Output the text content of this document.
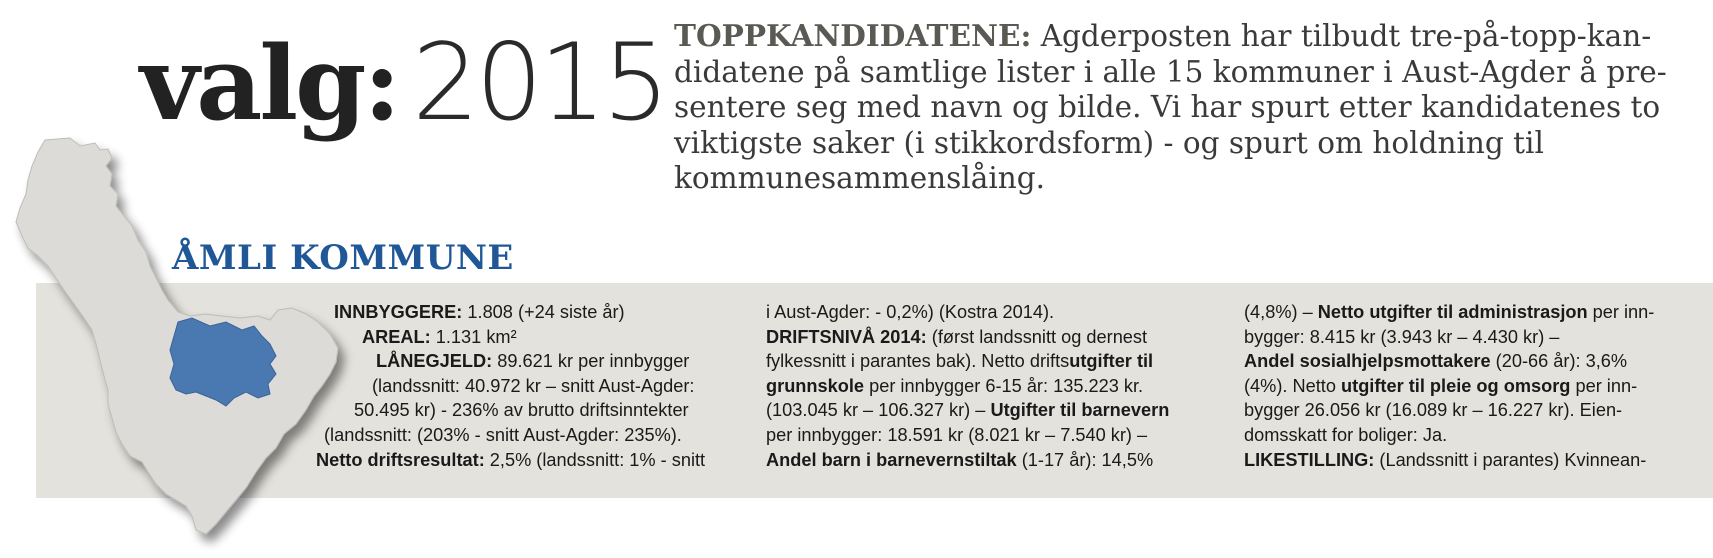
valg: 2015 TOPPKANDIDATENE: Agderposten har tilbudt tre-på-topp-kan-didatene på samtlige lister i alle 15 kommuner i Aust-Agder å pre-sentere seg med navn og bilde. Vi har spurt etter kandidatenes to viktigste saker (i stikkordsform) - og spurt om holdning til kommunesammenslåing.
ÅMLI KOMMUNE
INNBYGGERE: 1.808 (+24 siste år)
AREAL: 1.131 km²
LÅNEGJELD: 89.621 kr per innbygger
(landssnitt: 40.972 kr – snitt Aust-Agder:
50.495 kr) - 236% av brutto driftsinntekter
(landssnitt: (203% - snitt Aust-Agder: 235%).
Netto driftsresultat: 2,5% (landssnitt: 1% - snitt
i Aust-Agder: - 0,2%) (Kostra 2014).
DRIFTSNIVÅ 2014: (først landssnitt og dernest
fylkessnitt i parantes bak). Netto driftsutgifter til
grunnskole per innbygger 6-15 år: 135.223 kr.
(103.045 kr – 106.327 kr) – Utgifter til barnevern
per innbygger: 18.591 kr (8.021 kr – 7.540 kr) –
Andel barn i barnevernstiltak (1-17 år): 14,5%
(4,8%) – Netto utgifter til administrasjon per inn-
bygger: 8.415 kr (3.943 kr – 4.430 kr) –
Andel sosialhjelpsmottakere (20-66 år): 3,6%
(4%). Netto utgifter til pleie og omsorg per inn-
bygger 26.056 kr (16.089 kr – 16.227 kr). Eien-
domsskatt for boliger: Ja.
LIKESTILLING: (Landssnitt i parantes) Kvinnean-
